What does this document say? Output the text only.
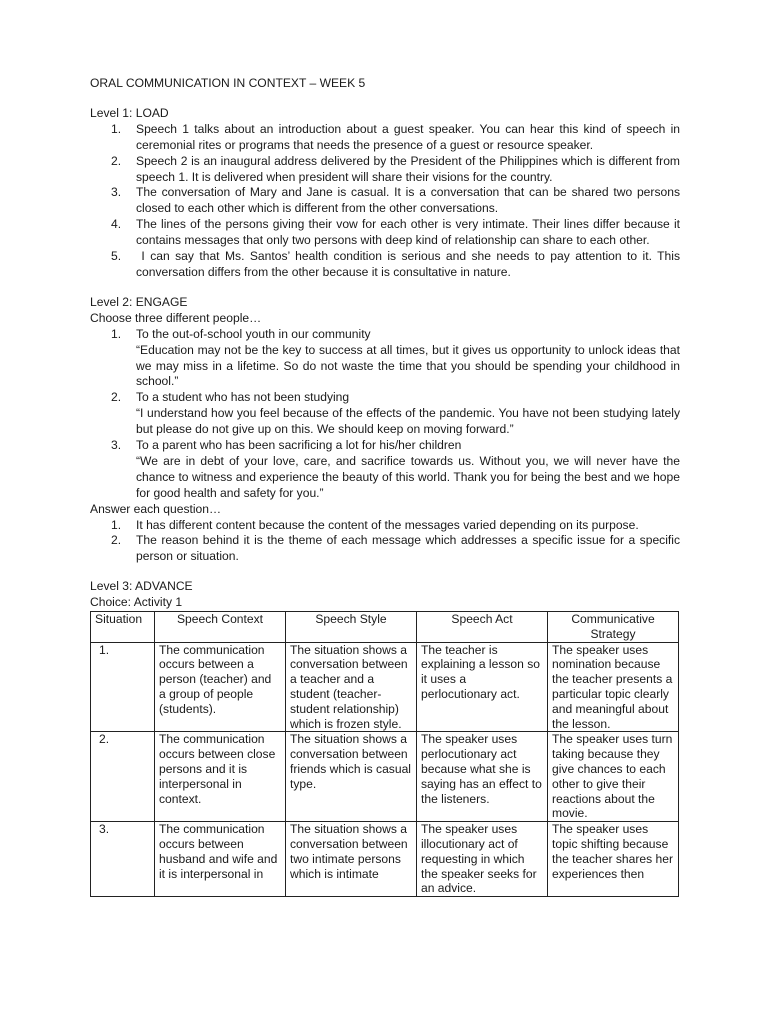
ORAL COMMUNICATION IN CONTEXT – WEEK 5
Level 1: LOAD
1. Speech 1 talks about an introduction about a guest speaker. You can hear this kind of speech in ceremonial rites or programs that needs the presence of a guest or resource speaker.
2. Speech 2 is an inaugural address delivered by the President of the Philippines which is different from speech 1. It is delivered when president will share their visions for the country.
3. The conversation of Mary and Jane is casual. It is a conversation that can be shared two persons closed to each other which is different from the other conversations.
4. The lines of the persons giving their vow for each other is very intimate. Their lines differ because it contains messages that only two persons with deep kind of relationship can share to each other.
5. I can say that Ms. Santos’ health condition is serious and she needs to pay attention to it. This conversation differs from the other because it is consultative in nature.
Level 2: ENGAGE
Choose three different people…
1. To the out-of-school youth in our community
“Education may not be the key to success at all times, but it gives us opportunity to unlock ideas that we may miss in a lifetime. So do not waste the time that you should be spending your childhood in school.”
2. To a student who has not been studying
“I understand how you feel because of the effects of the pandemic. You have not been studying lately but please do not give up on this. We should keep on moving forward.”
3. To a parent who has been sacrificing a lot for his/her children
“We are in debt of your love, care, and sacrifice towards us. Without you, we will never have the chance to witness and experience the beauty of this world. Thank you for being the best and we hope for good health and safety for you.”
Answer each question…
1. It has different content because the content of the messages varied depending on its purpose.
2. The reason behind it is the theme of each message which addresses a specific issue for a specific person or situation.
Level 3: ADVANCE
Choice: Activity 1
Situation	Speech Context	Speech Style	Speech Act	Communicative Strategy
1.	The communication occurs between a person (teacher) and a group of people (students).	The situation shows a conversation between a teacher and a student (teacher-student relationship) which is frozen style.	The teacher is explaining a lesson so it uses a perlocutionary act.	The speaker uses nomination because the teacher presents a particular topic clearly and meaningful about the lesson.
2.	The communication occurs between close persons and it is interpersonal in context.	The situation shows a conversation between friends which is casual type.	The speaker uses perlocutionary act because what she is saying has an effect to the listeners.	The speaker uses turn taking because they give chances to each other to give their reactions about the movie.
3.	The communication occurs between husband and wife and it is interpersonal in	The situation shows a conversation between two intimate persons which is intimate	The speaker uses illocutionary act of requesting in which the speaker seeks for an advice.	The speaker uses topic shifting because the teacher shares her experiences then
